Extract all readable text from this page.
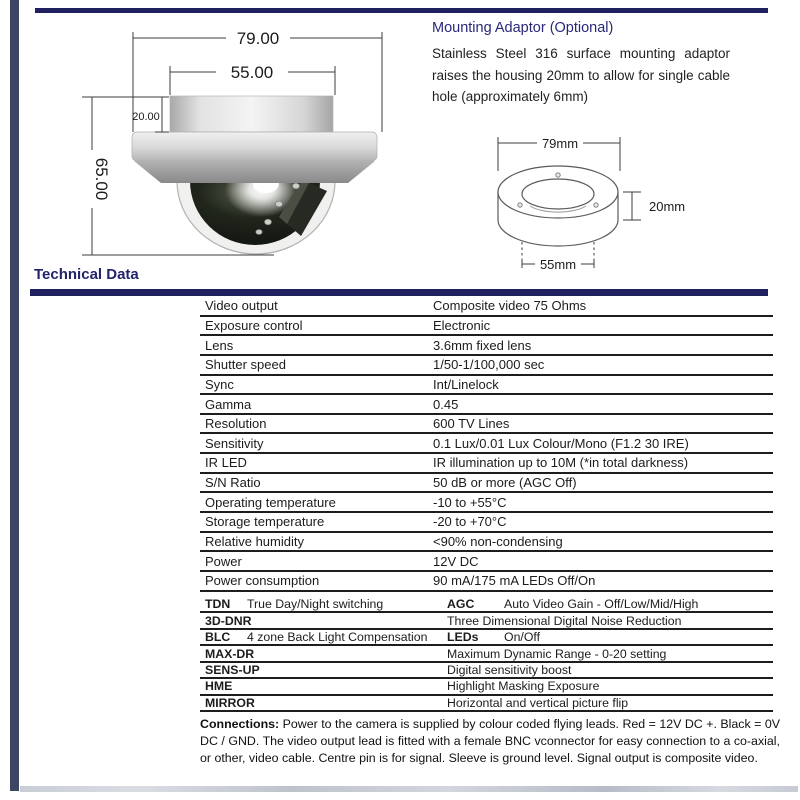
79.00
55.00
20.00
65.00
Mounting Adaptor (Optional)
Stainless Steel 316 surface mounting adaptor raises the housing 20mm to allow for single cable hole (approximately 6mm)
79mm
20mm
55mm
Technical Data
Video output	Composite video 75 Ohms
Exposure control	Electronic
Lens	3.6mm fixed lens
Shutter speed	1/50-1/100,000 sec
Sync	Int/Linelock
Gamma	0.45
Resolution	600 TV Lines
Sensitivity	0.1 Lux/0.01 Lux Colour/Mono (F1.2 30 IRE)
IR LED	IR illumination up to 10M (*in total darkness)
S/N Ratio	50 dB or more (AGC Off)
Operating temperature	-10 to +55°C
Storage temperature	-20 to +70°C
Relative humidity	<90% non-condensing
Power	12V DC
Power consumption	90 mA/175 mA LEDs Off/On
TDN True Day/Night switching	AGC Auto Video Gain - Off/Low/Mid/High
3D-DNR	Three Dimensional Digital Noise Reduction
BLC 4 zone Back Light Compensation	LEDs On/Off
MAX-DR	Maximum Dynamic Range - 0-20 setting
SENS-UP	Digital sensitivity boost
HME	Highlight Masking Exposure
MIRROR	Horizontal and vertical picture flip

Connections: Power to the camera is supplied by colour coded flying leads. Red = 12V DC +. Black = 0V DC / GND. The video output lead is fitted with a female BNC vconnector for easy connection to a co-axial, or other, video cable. Centre pin is for signal. Sleeve is ground level. Signal output is composite video.
